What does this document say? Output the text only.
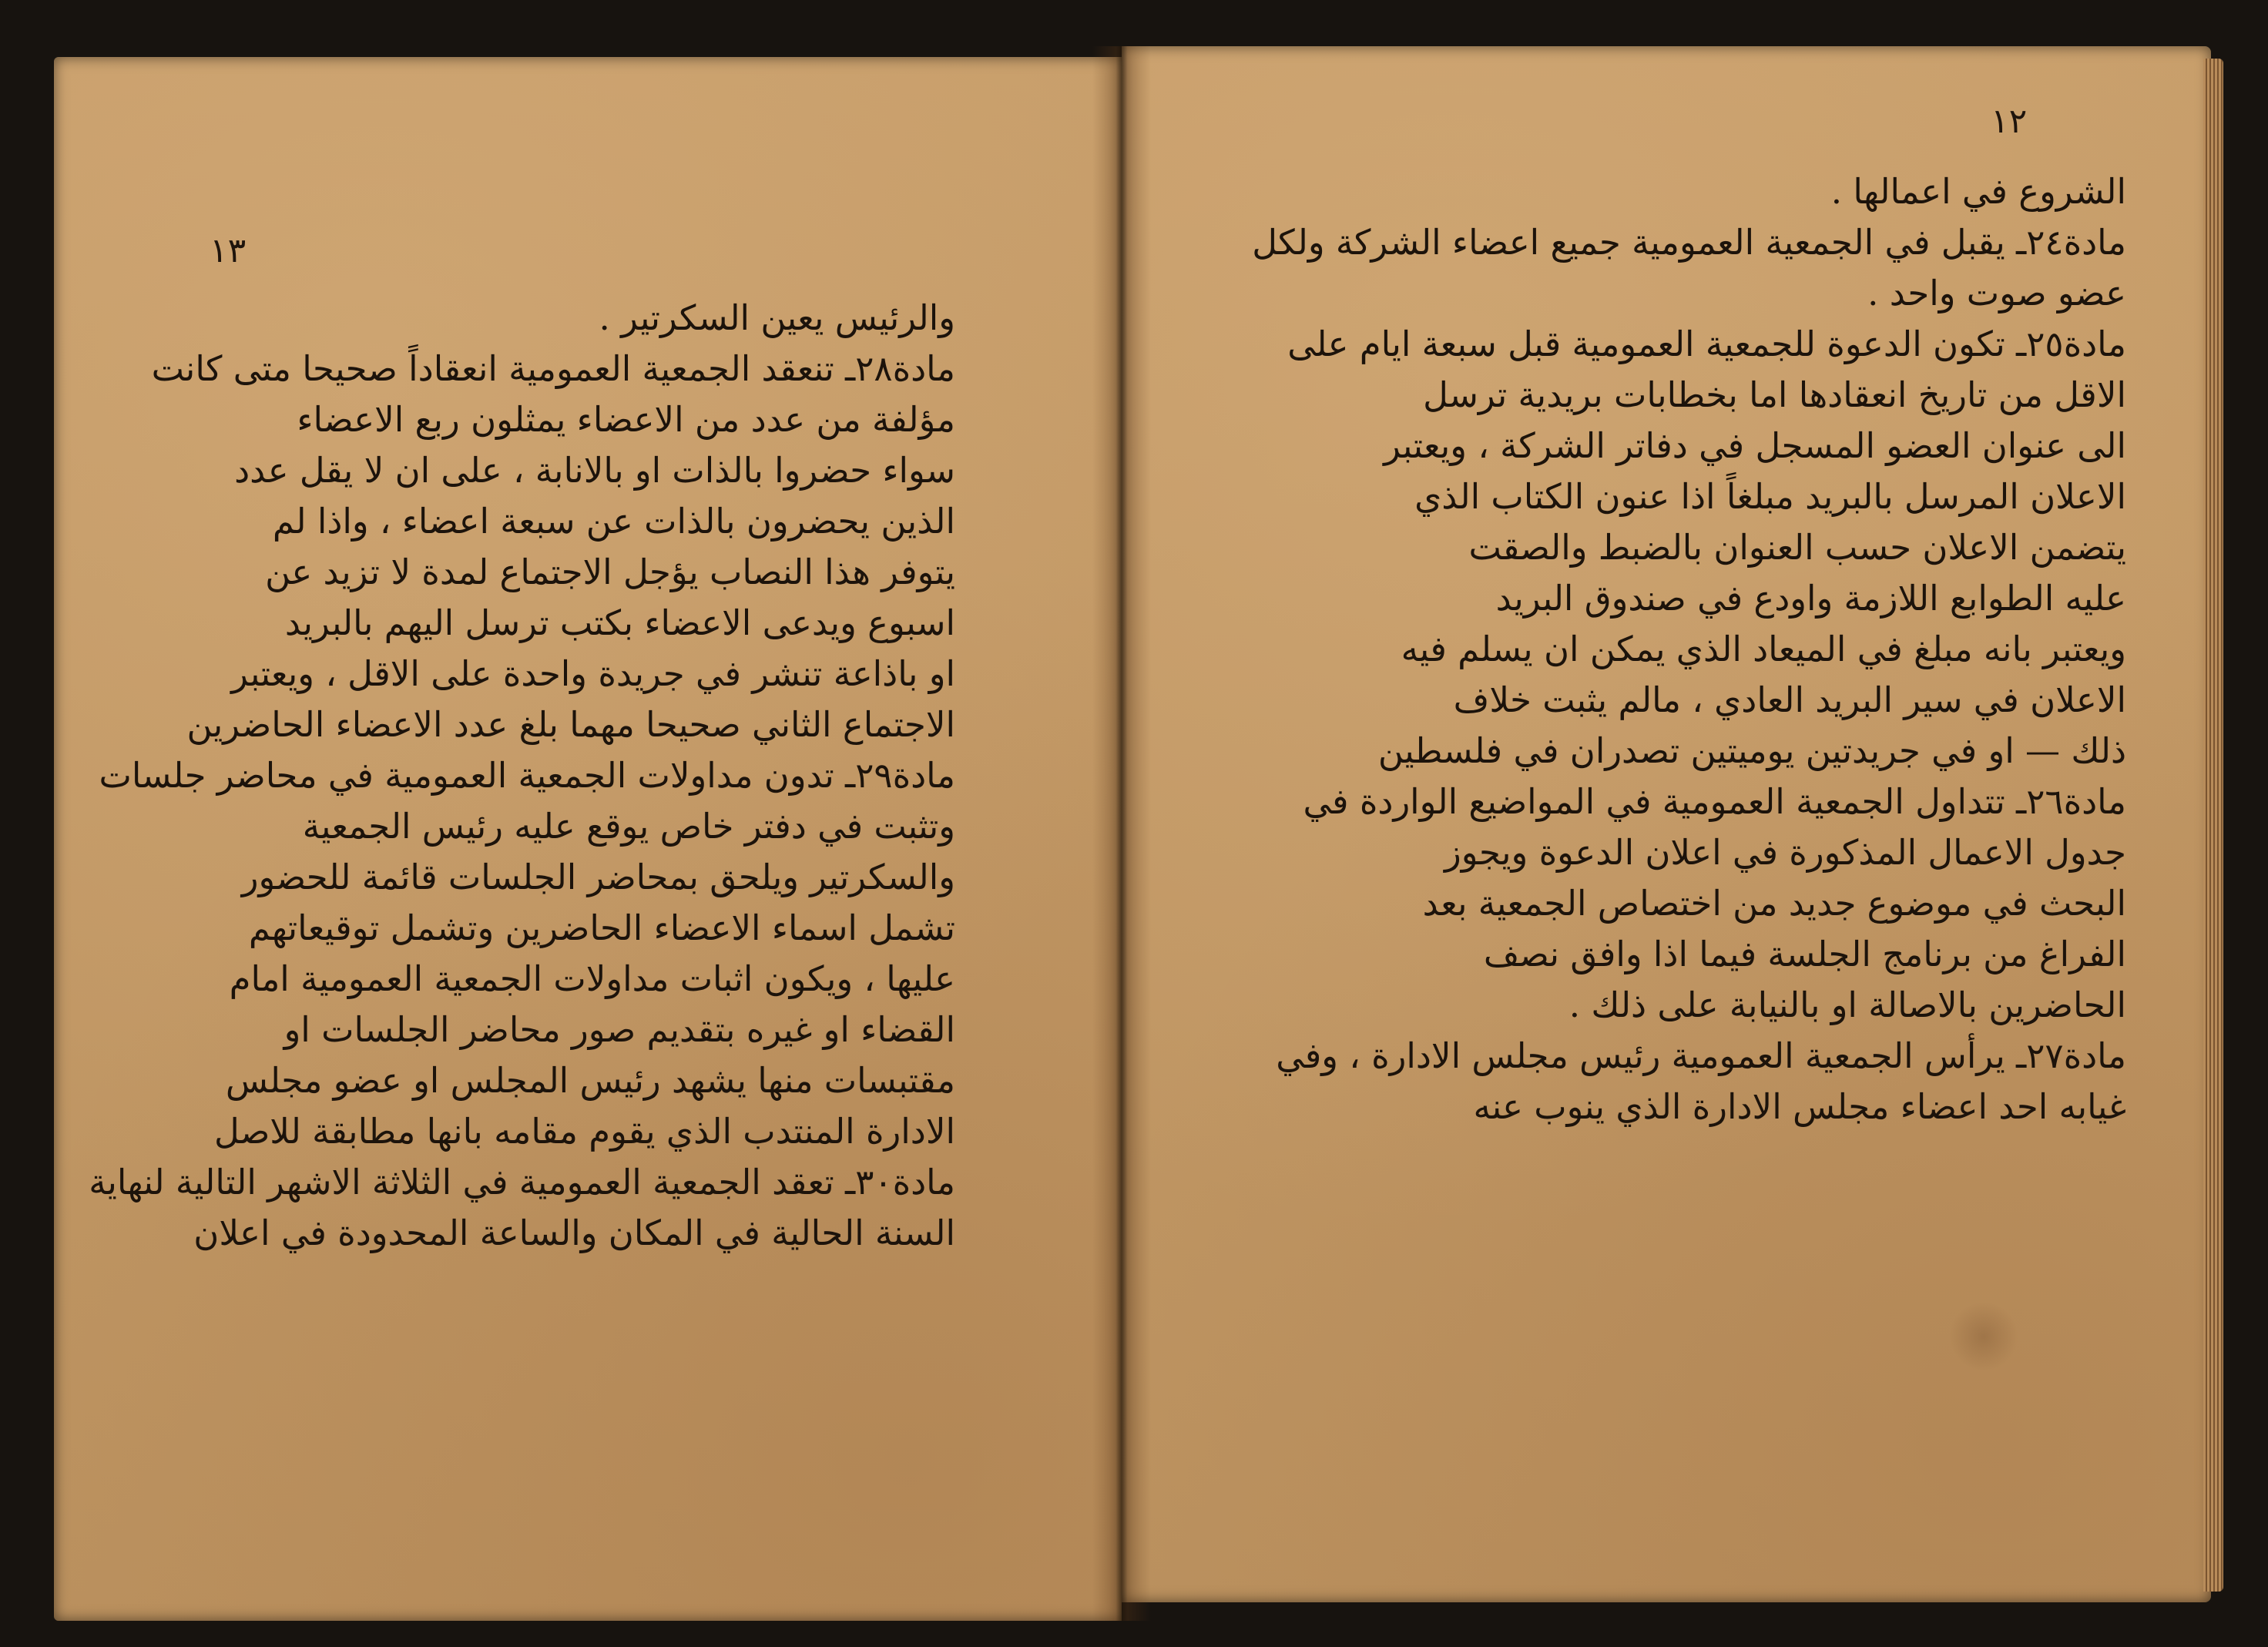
١٣
١٢
والرئيس يعين السكرتير .
مادة٢٨ـ تنعقد الجمعية العمومية انعقاداً صحيحا متى كانت
مؤلفة من عدد من الاعضاء يمثلون ربع الاعضاء
سواء حضروا بالذات او بالانابة ، على ان لا يقل عدد
الذين يحضرون بالذات عن سبعة اعضاء ، واذا لم
يتوفر هذا النصاب يؤجل الاجتماع لمدة لا تزيد عن
اسبوع ويدعى الاعضاء بكتب ترسل اليهم بالبريد
او باذاعة تنشر في جريدة واحدة على الاقل ، ويعتبر
الاجتماع الثاني صحيحا مهما بلغ عدد الاعضاء الحاضرين
مادة٢٩ـ تدون مداولات الجمعية العمومية في محاضر جلسات
وتثبت في دفتر خاص يوقع عليه رئيس الجمعية
والسكرتير ويلحق بمحاضر الجلسات قائمة للحضور
تشمل اسماء الاعضاء الحاضرين وتشمل توقيعاتهم
عليها ، ويكون اثبات مداولات الجمعية العمومية امام
القضاء او غيره بتقديم صور محاضر الجلسات او
مقتبسات منها يشهد رئيس المجلس او عضو مجلس
الادارة المنتدب الذي يقوم مقامه بانها مطابقة للاصل
مادة٣٠ـ تعقد الجمعية العمومية في الثلاثة الاشهر التالية لنهاية
السنة الحالية في المكان والساعة المحدودة في اعلان
الشروع في اعمالها .
مادة٢٤ـ يقبل في الجمعية العمومية جميع اعضاء الشركة ولكل
عضو صوت واحد .
مادة٢٥ـ تكون الدعوة للجمعية العمومية قبل سبعة ايام على
الاقل من تاريخ انعقادها اما بخطابات بريدية ترسل
الى عنوان العضو المسجل في دفاتر الشركة ، ويعتبر
الاعلان المرسل بالبريد مبلغاً اذا عنون الكتاب الذي
يتضمن الاعلان حسب العنوان بالضبط والصقت
عليه الطوابع اللازمة واودع في صندوق البريد
ويعتبر بانه مبلغ في الميعاد الذي يمكن ان يسلم فيه
الاعلان في سير البريد العادي ، مالم يثبت خلاف
ذلك — او في جريدتين يوميتين تصدران في فلسطين
مادة٢٦ـ تتداول الجمعية العمومية في المواضيع الواردة في
جدول الاعمال المذكورة في اعلان الدعوة ويجوز
البحث في موضوع جديد من اختصاص الجمعية بعد
الفراغ من برنامج الجلسة فيما اذا وافق نصف
الحاضرين بالاصالة او بالنيابة على ذلك .
مادة٢٧ـ يرأس الجمعية العمومية رئيس مجلس الادارة ، وفي
غيابه احد اعضاء مجلس الادارة الذي ينوب عنه
